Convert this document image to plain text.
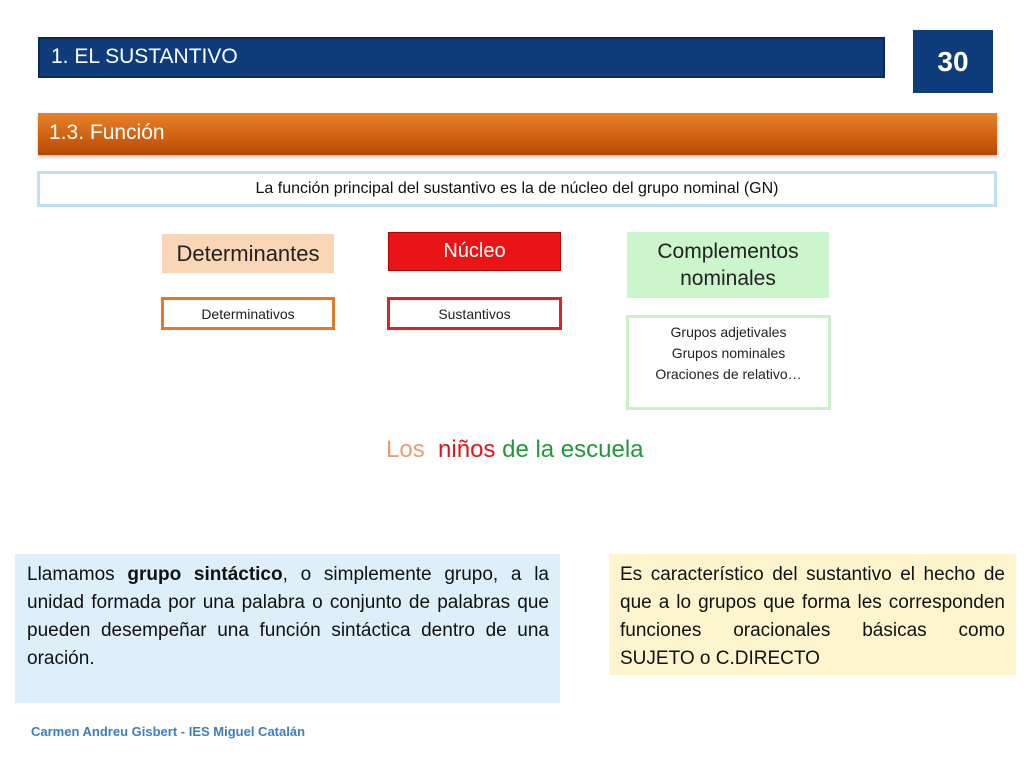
1. EL SUSTANTIVO	30
1.3. Función
La función principal del sustantivo es la de núcleo del grupo nominal (GN)
Determinantes	Núcleo	Complementos nominales
Determinativos	Sustantivos
Grupos adjetivales
Grupos nominales
Oraciones de relativo…
Los niños de la escuela
Llamamos grupo sintáctico, o simplemente grupo, a la unidad formada por una palabra o conjunto de palabras que pueden desempeñar una función sintáctica dentro de una oración.
Es característico del sustantivo el hecho de que a lo grupos que forma les corresponden funciones oracionales básicas como SUJETO o C.DIRECTO
Carmen Andreu Gisbert - IES Miguel Catalán
